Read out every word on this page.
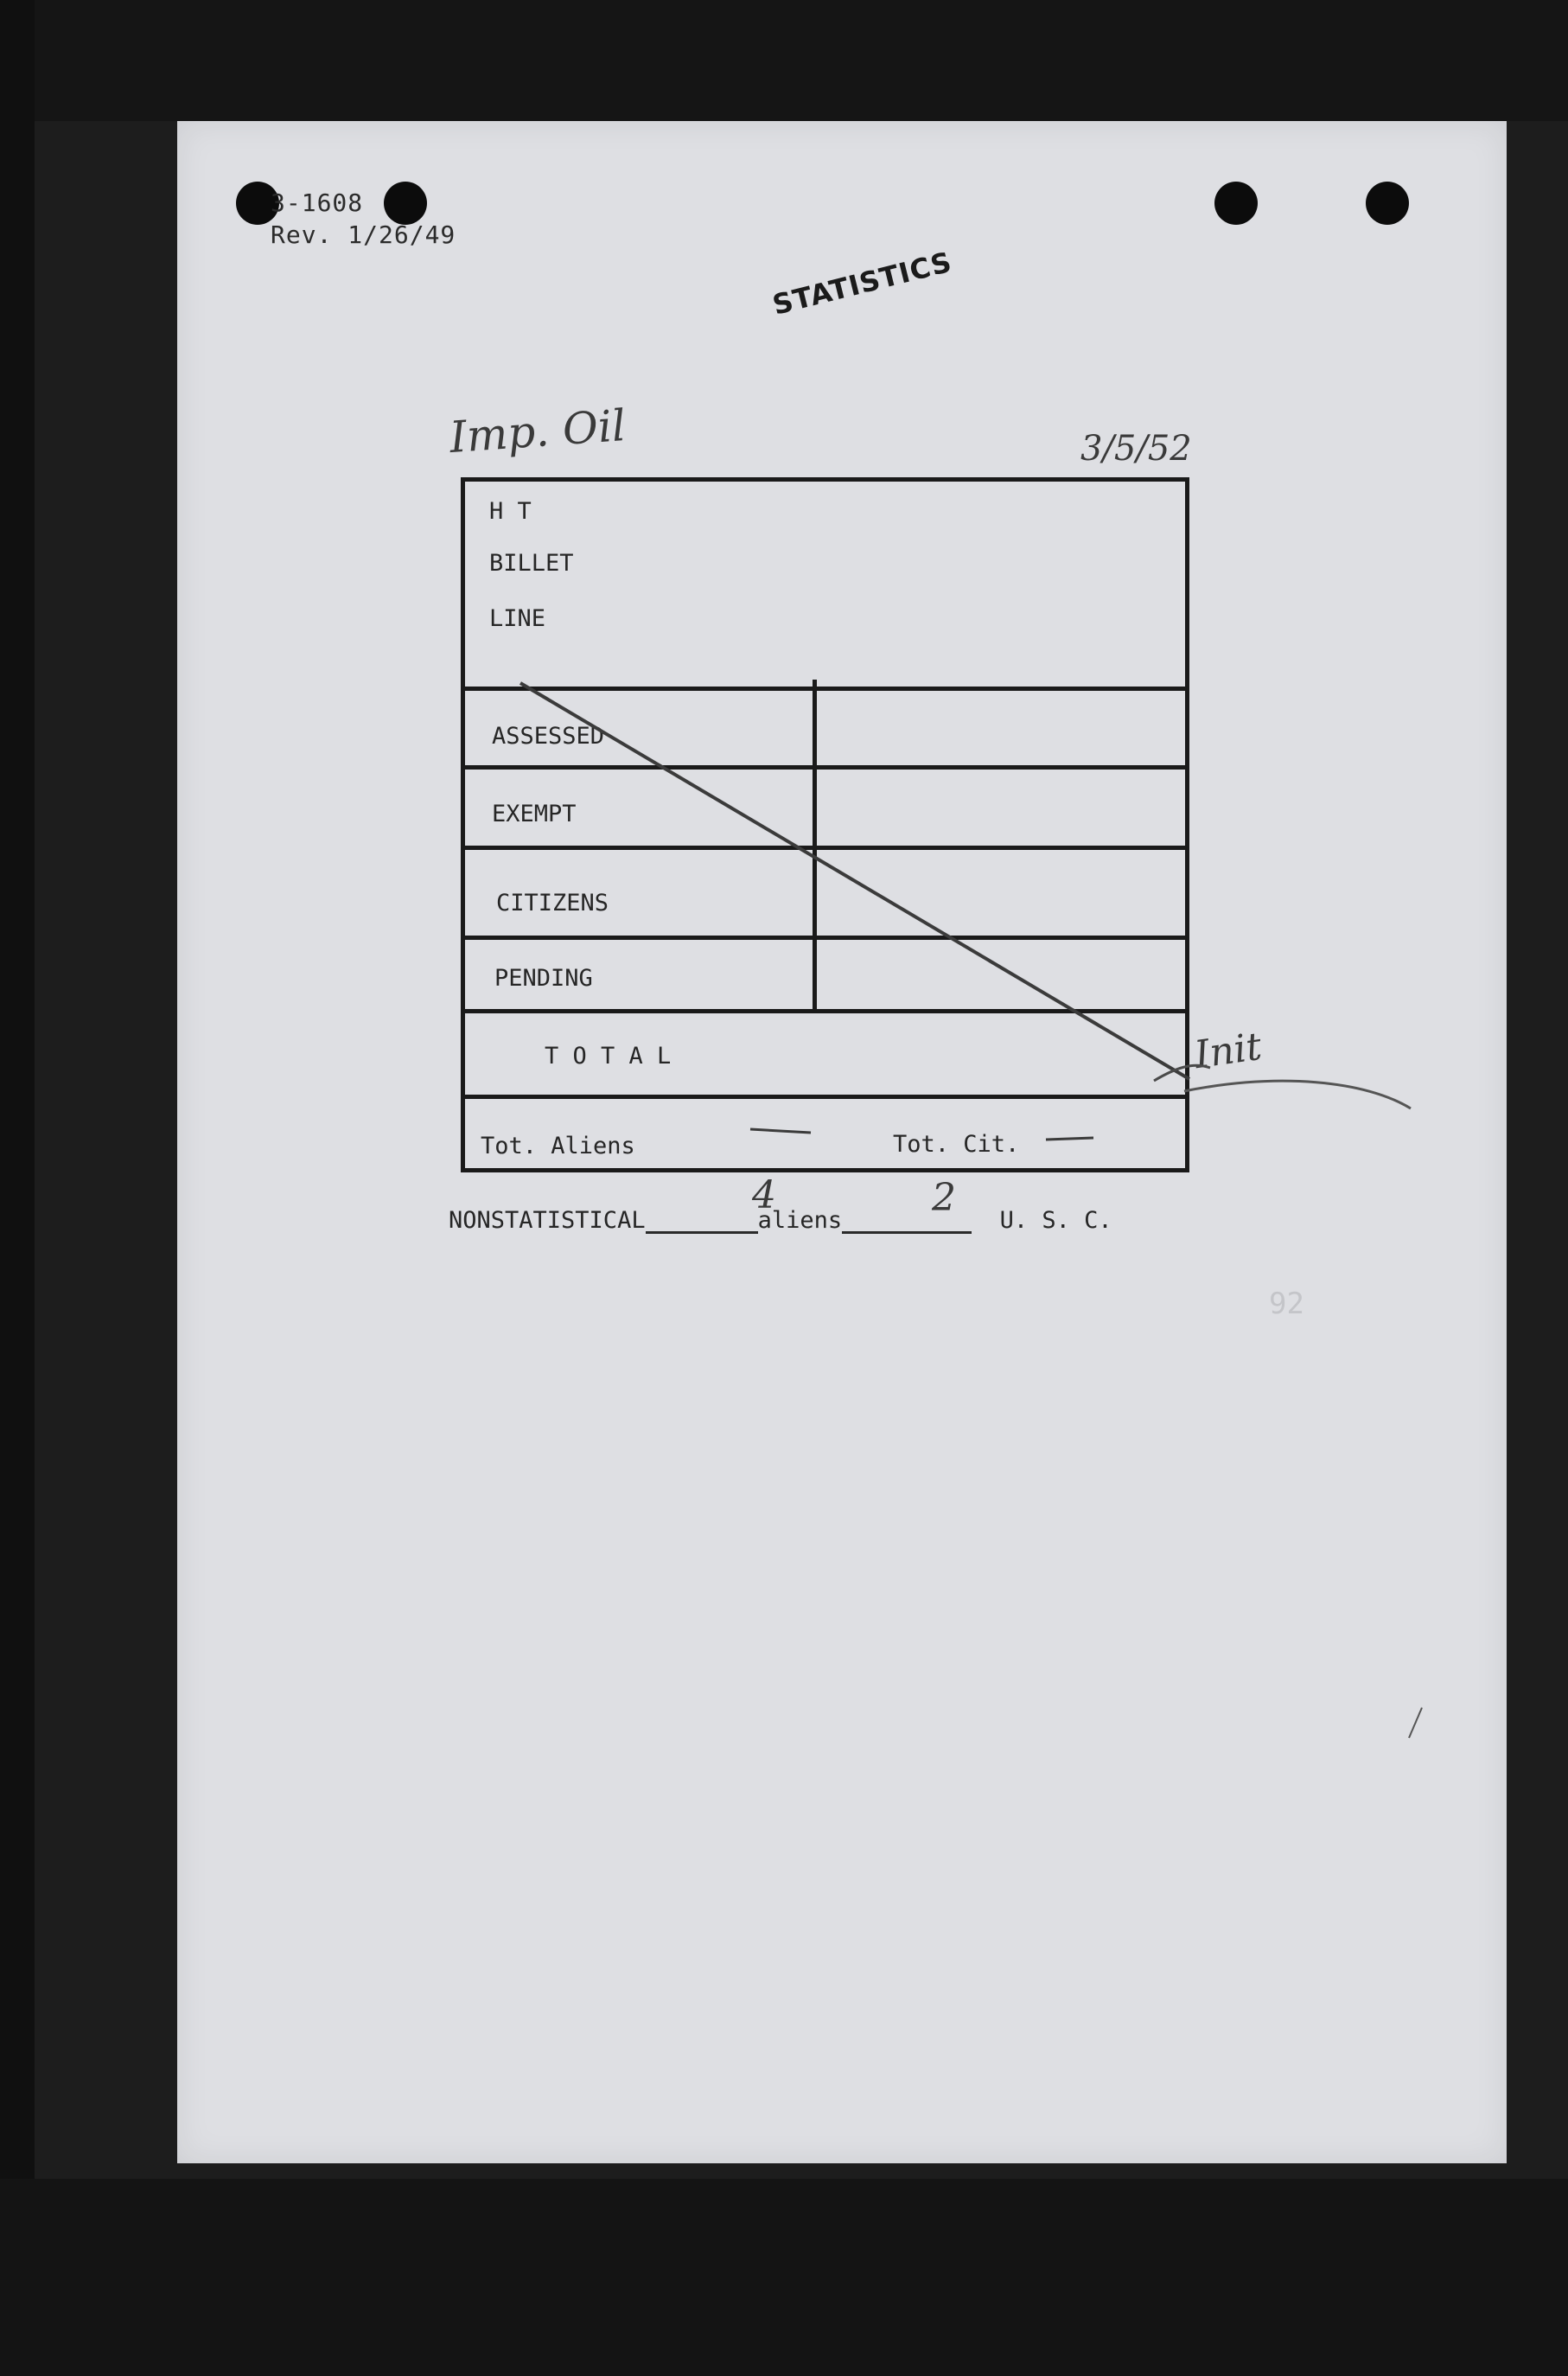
3-1608
Rev. 1/26/49
STATISTICS
Imp. Oil	3/5/52
H T
BILLET
LINE
ASSESSED
EXEMPT
CITIZENS
PENDING
T O T A L
Tot. Aliens	Tot. Cit.
NONSTATISTICAL	aliens	U. S. C.
4	2
Init
92
